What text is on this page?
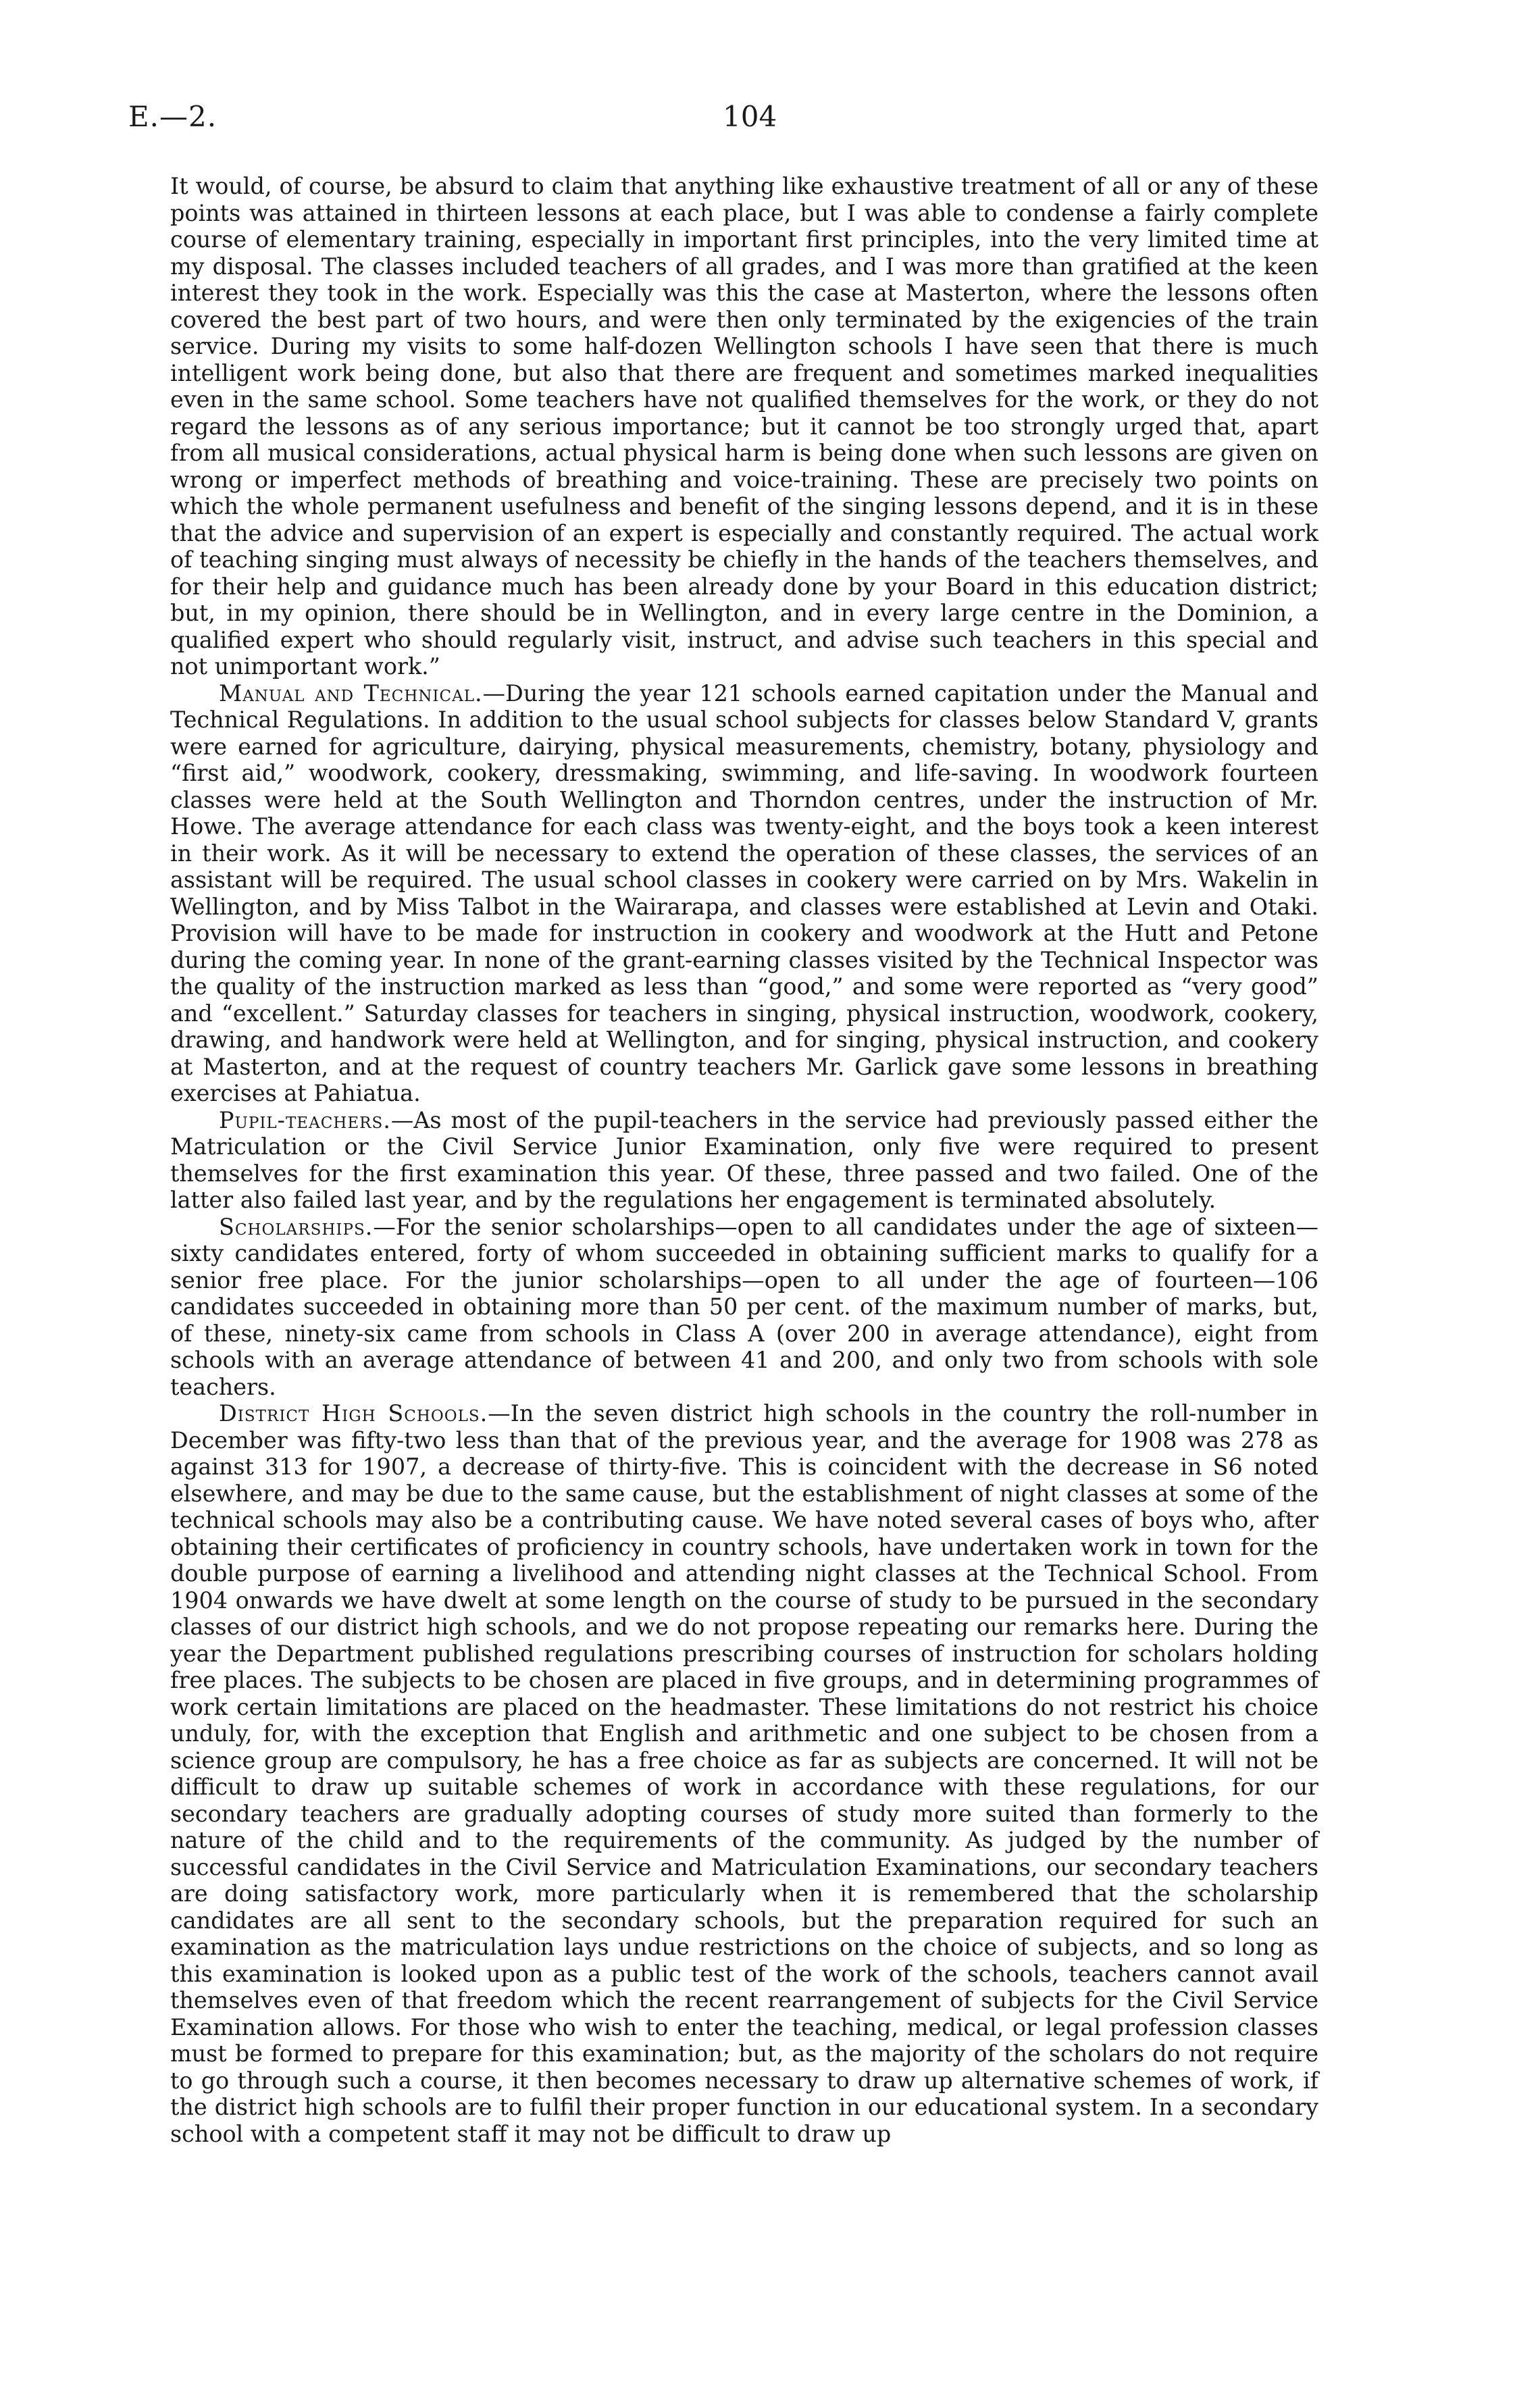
E.—2.	104

It would, of course, be absurd to claim that anything like exhaustive treatment of all or any of these points was attained in thirteen lessons at each place, but I was able to condense a fairly complete course of elementary training, especially in important first principles, into the very limited time at my disposal. The classes included teachers of all grades, and I was more than gratified at the keen interest they took in the work. Especially was this the case at Masterton, where the lessons often covered the best part of two hours, and were then only terminated by the exigencies of the train service. During my visits to some half-dozen Wellington schools I have seen that there is much intelligent work being done, but also that there are frequent and sometimes marked inequalities even in the same school. Some teachers have not qualified themselves for the work, or they do not regard the lessons as of any serious importance; but it cannot be too strongly urged that, apart from all musical considerations, actual physical harm is being done when such lessons are given on wrong or imperfect methods of breathing and voice-training. These are precisely two points on which the whole permanent usefulness and benefit of the singing lessons depend, and it is in these that the advice and supervision of an expert is especially and constantly required. The actual work of teaching singing must always of necessity be chiefly in the hands of the teachers themselves, and for their help and guidance much has been already done by your Board in this education district; but, in my opinion, there should be in Wellington, and in every large centre in the Dominion, a qualified expert who should regularly visit, instruct, and advise such teachers in this special and not unimportant work.”

Manual and Technical.—During the year 121 schools earned capitation under the Manual and Technical Regulations. In addition to the usual school subjects for classes below Standard V, grants were earned for agriculture, dairying, physical measurements, chemistry, botany, physiology and “first aid,” woodwork, cookery, dressmaking, swimming, and life-saving. In woodwork fourteen classes were held at the South Wellington and Thorndon centres, under the instruction of Mr. Howe. The average attendance for each class was twenty-eight, and the boys took a keen interest in their work. As it will be necessary to extend the operation of these classes, the services of an assistant will be required. The usual school classes in cookery were carried on by Mrs. Wakelin in Wellington, and by Miss Talbot in the Wairarapa, and classes were established at Levin and Otaki. Provision will have to be made for instruction in cookery and woodwork at the Hutt and Petone during the coming year. In none of the grant-earning classes visited by the Technical Inspector was the quality of the instruction marked as less than “good,” and some were reported as “very good” and “excellent.” Saturday classes for teachers in singing, physical instruction, woodwork, cookery, drawing, and handwork were held at Wellington, and for singing, physical instruction, and cookery at Masterton, and at the request of country teachers Mr. Garlick gave some lessons in breathing exercises at Pahiatua.

Pupil-teachers.—As most of the pupil-teachers in the service had previously passed either the Matriculation or the Civil Service Junior Examination, only five were required to present themselves for the first examination this year. Of these, three passed and two failed. One of the latter also failed last year, and by the regulations her engagement is terminated absolutely.

Scholarships.—For the senior scholarships—open to all candidates under the age of sixteen—sixty candidates entered, forty of whom succeeded in obtaining sufficient marks to qualify for a senior free place. For the junior scholarships—open to all under the age of fourteen—106 candidates succeeded in obtaining more than 50 per cent. of the maximum number of marks, but, of these, ninety-six came from schools in Class A (over 200 in average attendance), eight from schools with an average attendance of between 41 and 200, and only two from schools with sole teachers.

District High Schools.—In the seven district high schools in the country the roll-number in December was fifty-two less than that of the previous year, and the average for 1908 was 278 as against 313 for 1907, a decrease of thirty-five. This is coincident with the decrease in S6 noted elsewhere, and may be due to the same cause, but the establishment of night classes at some of the technical schools may also be a contributing cause. We have noted several cases of boys who, after obtaining their certificates of proficiency in country schools, have undertaken work in town for the double purpose of earning a livelihood and attending night classes at the Technical School. From 1904 onwards we have dwelt at some length on the course of study to be pursued in the secondary classes of our district high schools, and we do not propose repeating our remarks here. During the year the Department published regulations prescribing courses of instruction for scholars holding free places. The subjects to be chosen are placed in five groups, and in determining programmes of work certain limitations are placed on the headmaster. These limitations do not restrict his choice unduly, for, with the exception that English and arithmetic and one subject to be chosen from a science group are compulsory, he has a free choice as far as subjects are concerned. It will not be difficult to draw up suitable schemes of work in accordance with these regulations, for our secondary teachers are gradually adopting courses of study more suited than formerly to the nature of the child and to the requirements of the community. As judged by the number of successful candidates in the Civil Service and Matriculation Examinations, our secondary teachers are doing satisfactory work, more particularly when it is remembered that the scholarship candidates are all sent to the secondary schools, but the preparation required for such an examination as the matriculation lays undue restrictions on the choice of subjects, and so long as this examination is looked upon as a public test of the work of the schools, teachers cannot avail themselves even of that freedom which the recent rearrangement of subjects for the Civil Service Examination allows. For those who wish to enter the teaching, medical, or legal profession classes must be formed to prepare for this examination; but, as the majority of the scholars do not require to go through such a course, it then becomes necessary to draw up alternative schemes of work, if the district high schools are to fulfil their proper function in our educational system. In a secondary school with a competent staff it may not be difficult to draw up
